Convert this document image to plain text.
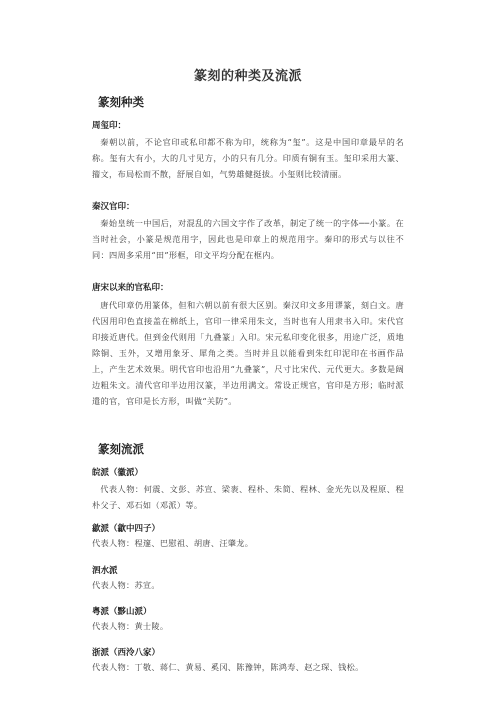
篆刻的种类及流派
篆刻种类
周玺印：
秦朝以前，不论官印或私印都不称为印，统称为“玺”。这是中国印章最早的名称。玺有大有小，大的几寸见方，小的只有几分。印质有铜有玉。玺印采用大篆、籀文，布局松而不散，舒展自如，气势雄健挺拔。小玺则比较清丽。
秦汉官印：
秦始皇统一中国后，对混乱的六国文字作了改革，制定了统一的字体──小篆。在当时社会，小篆是规范用字，因此也是印章上的规范用字。秦印的形式与以往不同：四周多采用“田”形框，印文平均分配在框内。
唐宋以来的官私印：
唐代印章仍用篆体，但和六朝以前有很大区别。秦汉印文多用谬篆，刻白文。唐代因用印色直接盖在棉纸上，官印一律采用朱文，当时也有人用隶书入印。宋代官印接近唐代。但到金代则用「九叠篆」入印。宋元私印变化很多，用途广泛，质地除铜、玉外，又增用象牙、犀角之类。当时并且以能看到朱红印泥印在书画作品上，产生艺术效果。明代官印也沿用“九叠篆”，尺寸比宋代、元代更大。多数是阔边粗朱文。清代官印半边用汉篆，半边用满文。常设正规官，官印是方形；临时派遣的官，官印是长方形，叫做“关防”。
篆刻流派
皖派（徽派）
代表人物：何震、文彭、苏宣、梁袠、程朴、朱简、程林、金光先以及程原、程朴父子、邓石如（邓派）等。
歙派（歙中四子）
代表人物：程邃、巴慰祖、胡唐、汪肇龙。
泗水派
代表人物：苏宣。
粤派（黟山派）
代表人物：黄士陵。
浙派（西泠八家）
代表人物：丁敬、蒋仁、黄易、奚冈、陈豫钟，陈鸿寿、赵之琛、钱松。
